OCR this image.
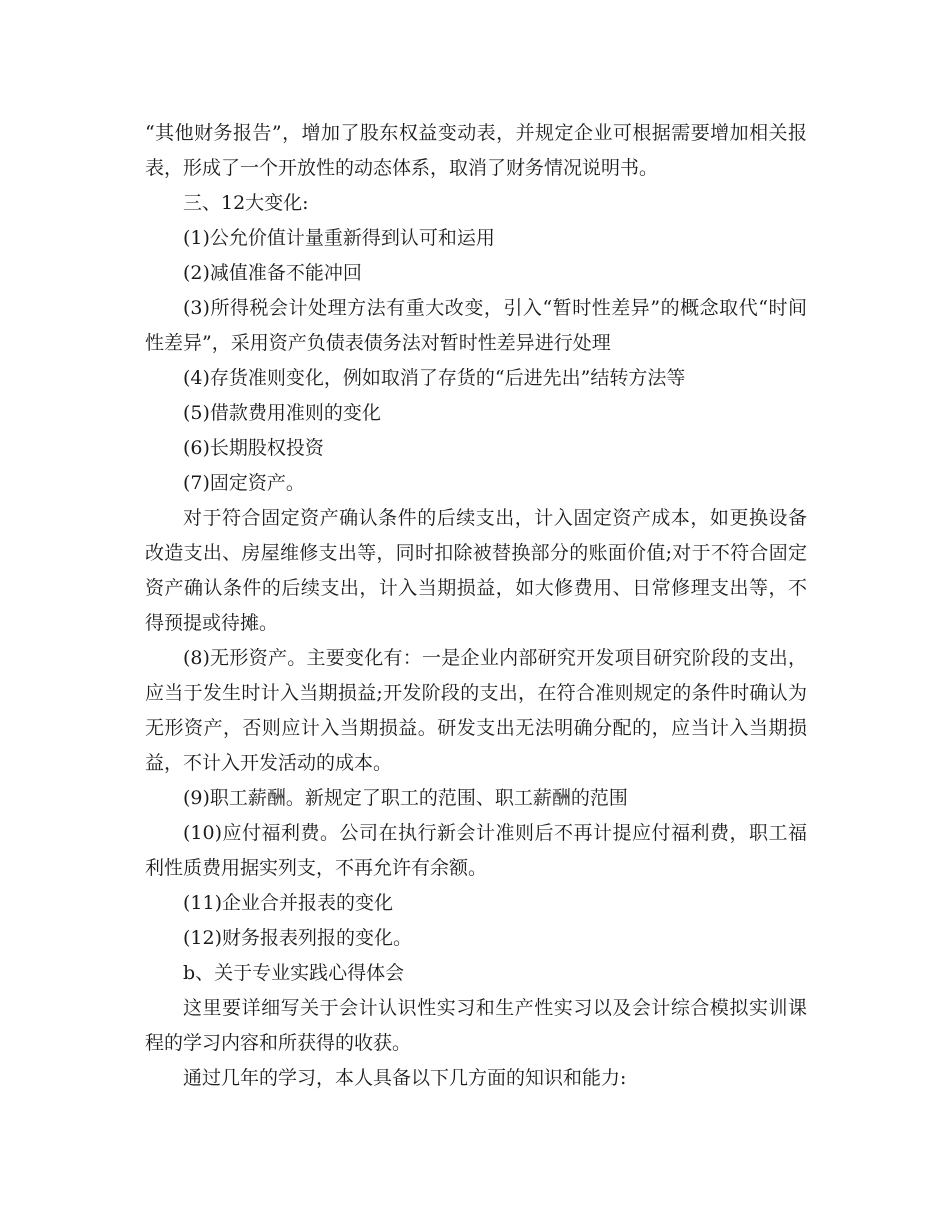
“其他财务报告”，增加了股东权益变动表，并规定企业可根据需要增加相关报表，形成了一个开放性的动态体系，取消了财务情况说明书。

三、12大变化:

(1)公允价值计量重新得到认可和运用

(2)减值准备不能冲回

(3)所得税会计处理方法有重大改变，引入“暂时性差异”的概念取代“时间性差异”，采用资产负债表债务法对暂时性差异进行处理

(4)存货准则变化，例如取消了存货的“后进先出”结转方法等

(5)借款费用准则的变化

(6)长期股权投资

(7)固定资产。

对于符合固定资产确认条件的后续支出，计入固定资产成本，如更换设备改造支出、房屋维修支出等，同时扣除被替换部分的账面价值;对于不符合固定资产确认条件的后续支出，计入当期损益，如大修费用、日常修理支出等，不得预提或待摊。

(8)无形资产。主要变化有：一是企业内部研究开发项目研究阶段的支出，应当于发生时计入当期损益;开发阶段的支出，在符合准则规定的条件时确认为无形资产，否则应计入当期损益。研发支出无法明确分配的，应当计入当期损益，不计入开发活动的成本。

(9)职工薪酬。新规定了职工的范围、职工薪酬的范围

(10)应付福利费。公司在执行新会计准则后不再计提应付福利费，职工福利性质费用据实列支，不再允许有余额。

(11)企业合并报表的变化

(12)财务报表列报的变化。

b、关于专业实践心得体会

这里要详细写关于会计认识性实习和生产性实习以及会计综合模拟实训课程的学习内容和所获得的收获。

通过几年的学习，本人具备以下几方面的知识和能力:
